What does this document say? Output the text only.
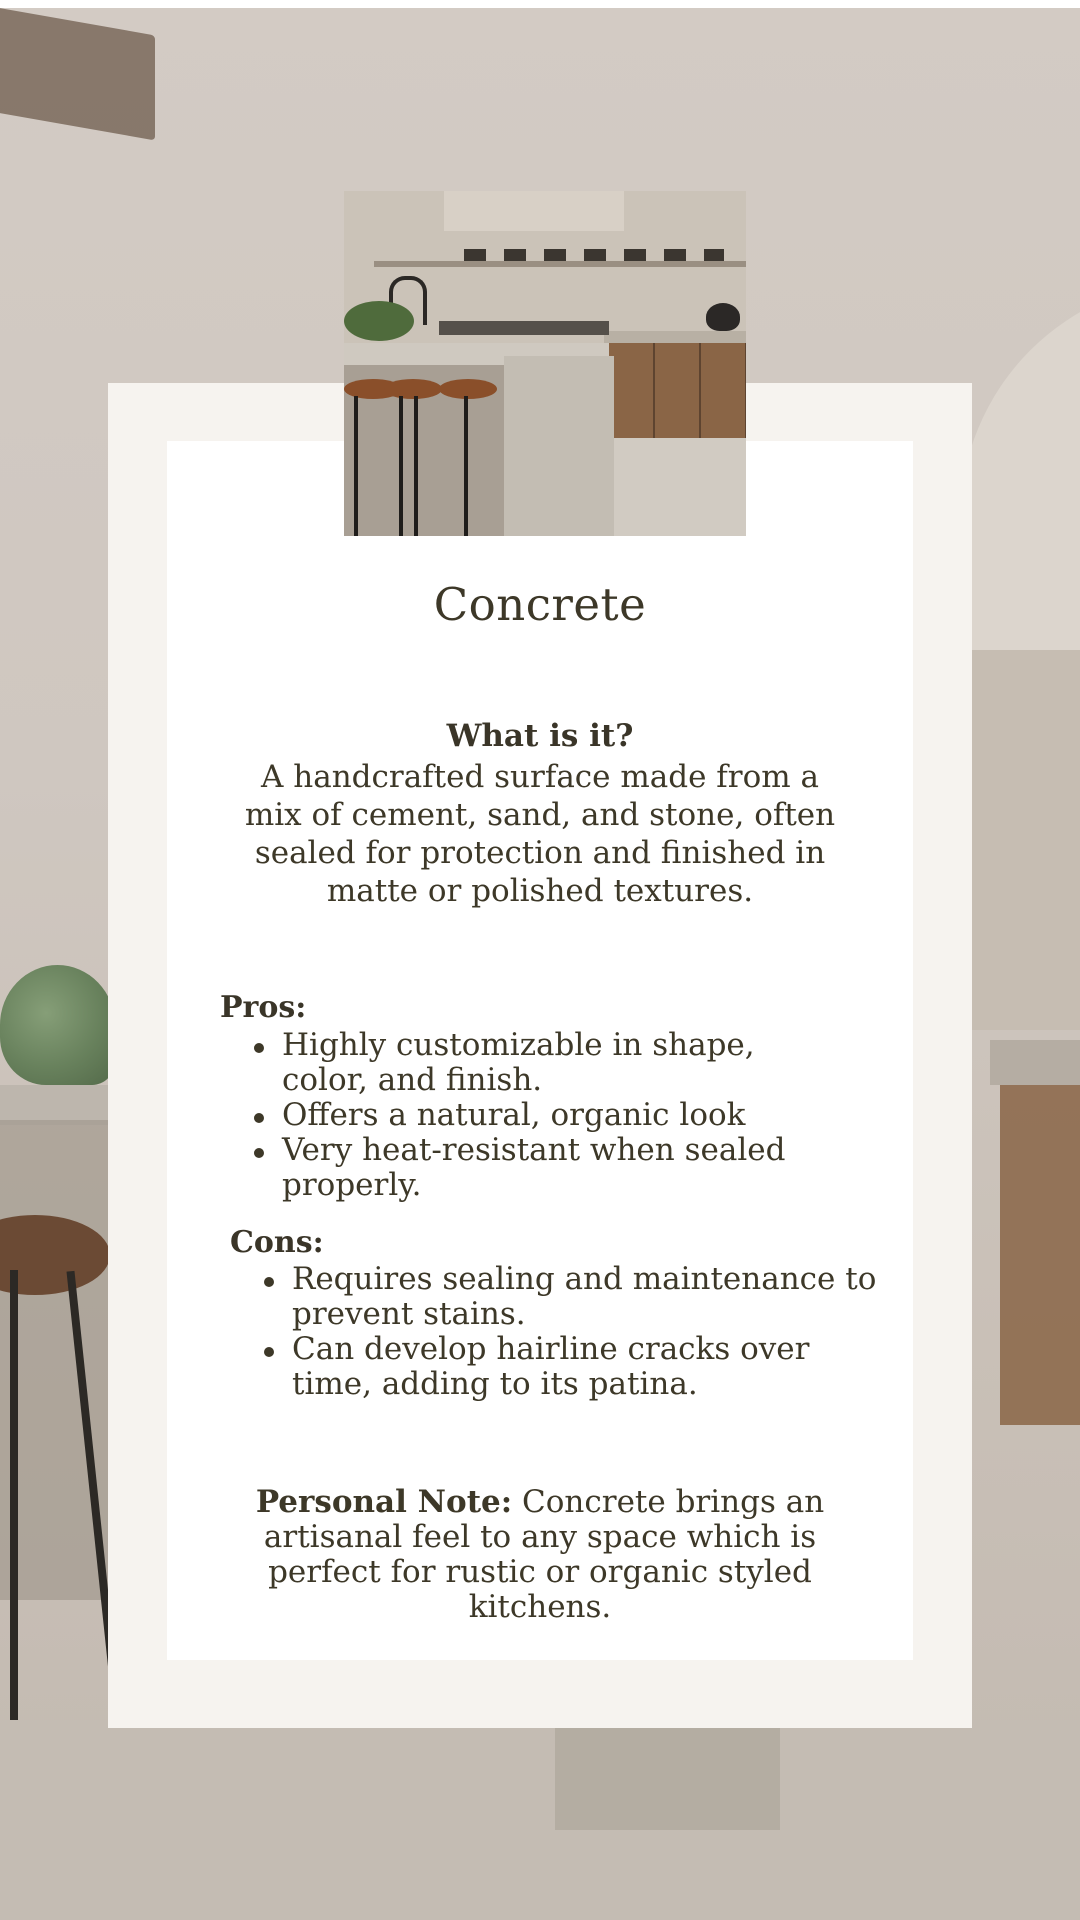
Concrete
What is it?
A handcrafted surface made from a mix of cement, sand, and stone, often sealed for protection and finished in matte or polished textures.
Pros:
Highly customizable in shape, color, and finish.
Offers a natural, organic look
Very heat-resistant when sealed properly.
Cons:
Requires sealing and maintenance to prevent stains.
Can develop hairline cracks over time, adding to its patina.
Personal Note: Concrete brings an artisanal feel to any space which is perfect for rustic or organic styled kitchens.
